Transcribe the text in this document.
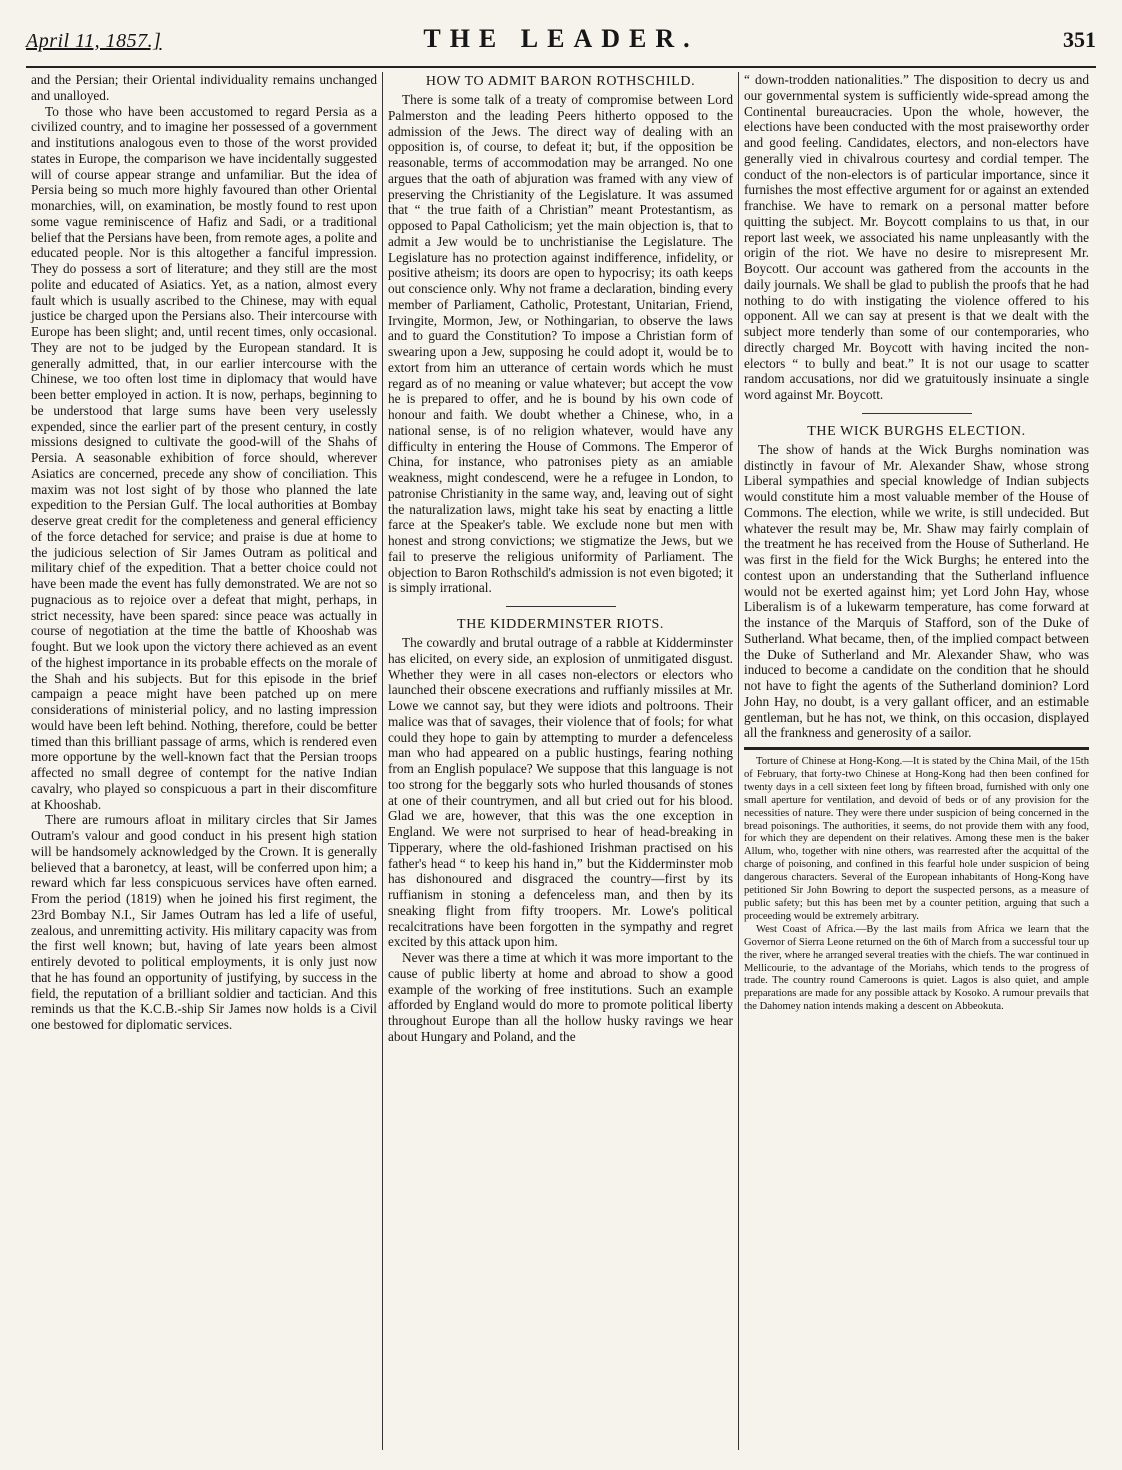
April 11, 1857.]	THE LEADER.	351

and the Persian; their Oriental individuality remains unchanged and unalloyed.

To those who have been accustomed to regard Persia as a civilized country, and to imagine her possessed of a government and institutions analogous even to those of the worst provided states in Europe, the comparison we have incidentally suggested will of course appear strange and unfamiliar. But the idea of Persia being so much more highly favoured than other Oriental monarchies, will, on examination, be mostly found to rest upon some vague reminiscence of Hafiz and Sadi, or a traditional belief that the Persians have been, from remote ages, a polite and educated people. Nor is this altogether a fanciful impression. They do possess a sort of literature; and they still are the most polite and educated of Asiatics. Yet, as a nation, almost every fault which is usually ascribed to the Chinese, may with equal justice be charged upon the Persians also. Their intercourse with Europe has been slight; and, until recent times, only occasional. They are not to be judged by the European standard. It is generally admitted, that, in our earlier intercourse with the Chinese, we too often lost time in diplomacy that would have been better employed in action. It is now, perhaps, beginning to be understood that large sums have been very uselessly expended, since the earlier part of the present century, in costly missions designed to cultivate the good-will of the Shahs of Persia. A seasonable exhibition of force should, wherever Asiatics are concerned, precede any show of conciliation. This maxim was not lost sight of by those who planned the late expedition to the Persian Gulf. The local authorities at Bombay deserve great credit for the completeness and general efficiency of the force detached for service; and praise is due at home to the judicious selection of Sir James Outram as political and military chief of the expedition. That a better choice could not have been made the event has fully demonstrated. We are not so pugnacious as to rejoice over a defeat that might, perhaps, in strict necessity, have been spared: since peace was actually in course of negotiation at the time the battle of Khooshab was fought. But we look upon the victory there achieved as an event of the highest importance in its probable effects on the morale of the Shah and his subjects. But for this episode in the brief campaign a peace might have been patched up on mere considerations of ministerial policy, and no lasting impression would have been left behind. Nothing, therefore, could be better timed than this brilliant passage of arms, which is rendered even more opportune by the well-known fact that the Persian troops affected no small degree of contempt for the native Indian cavalry, who played so conspicuous a part in their discomfiture at Khooshab.

There are rumours afloat in military circles that Sir James Outram's valour and good conduct in his present high station will be handsomely acknowledged by the Crown. It is generally believed that a baronetcy, at least, will be conferred upon him; a reward which far less conspicuous services have often earned. From the period (1819) when he joined his first regiment, the 23rd Bombay N.I., Sir James Outram has led a life of useful, zealous, and unremitting activity. His military capacity was from the first well known; but, having of late years been almost entirely devoted to political employments, it is only just now that he has found an opportunity of justifying, by success in the field, the reputation of a brilliant soldier and tactician. And this reminds us that the K.C.B.-ship Sir James now holds is a Civil one bestowed for diplomatic services.

HOW TO ADMIT BARON ROTHSCHILD.

There is some talk of a treaty of compromise between Lord Palmerston and the leading Peers hitherto opposed to the admission of the Jews. The direct way of dealing with an opposition is, of course, to defeat it; but, if the opposition be reasonable, terms of accommodation may be arranged. No one argues that the oath of abjuration was framed with any view of preserving the Christianity of the Legislature. It was assumed that “ the true faith of a Christian” meant Protestantism, as opposed to Papal Catholicism; yet the main objection is, that to admit a Jew would be to unchristianise the Legislature. The Legislature has no protection against indifference, infidelity, or positive atheism; its doors are open to hypocrisy; its oath keeps out conscience only. Why not frame a declaration, binding every member of Parliament, Catholic, Protestant, Unitarian, Friend, Irvingite, Mormon, Jew, or Nothingarian, to observe the laws and to guard the Constitution? To impose a Christian form of swearing upon a Jew, supposing he could adopt it, would be to extort from him an utterance of certain words which he must regard as of no meaning or value whatever; but accept the vow he is prepared to offer, and he is bound by his own code of honour and faith. We doubt whether a Chinese, who, in a national sense, is of no religion whatever, would have any difficulty in entering the House of Commons. The Emperor of China, for instance, who patronises piety as an amiable weakness, might condescend, were he a refugee in London, to patronise Christianity in the same way, and, leaving out of sight the naturalization laws, might take his seat by enacting a little farce at the Speaker's table. We exclude none but men with honest and strong convictions; we stigmatize the Jews, but we fail to preserve the religious uniformity of Parliament. The objection to Baron Rothschild's admission is not even bigoted; it is simply irrational.

THE KIDDERMINSTER RIOTS.

The cowardly and brutal outrage of a rabble at Kidderminster has elicited, on every side, an explosion of unmitigated disgust. Whether they were in all cases non-electors or electors who launched their obscene execrations and ruffianly missiles at Mr. Lowe we cannot say, but they were idiots and poltroons. Their malice was that of savages, their violence that of fools; for what could they hope to gain by attempting to murder a defenceless man who had appeared on a public hustings, fearing nothing from an English populace? We suppose that this language is not too strong for the beggarly sots who hurled thousands of stones at one of their countrymen, and all but cried out for his blood. Glad we are, however, that this was the one exception in England. We were not surprised to hear of head-breaking in Tipperary, where the old-fashioned Irishman practised on his father's head “ to keep his hand in,” but the Kidderminster mob has dishonoured and disgraced the country—first by its ruffianism in stoning a defenceless man, and then by its sneaking flight from fifty troopers. Mr. Lowe's political recalcitrations have been forgotten in the sympathy and regret excited by this attack upon him.

Never was there a time at which it was more important to the cause of public liberty at home and abroad to show a good example of the working of free institutions. Such an example afforded by England would do more to promote political liberty throughout Europe than all the hollow husky ravings we hear about Hungary and Poland, and the

“ down-trodden nationalities.” The disposition to decry us and our governmental system is sufficiently wide-spread among the Continental bureaucracies. Upon the whole, however, the elections have been conducted with the most praiseworthy order and good feeling. Candidates, electors, and non-electors have generally vied in chivalrous courtesy and cordial temper. The conduct of the non-electors is of particular importance, since it furnishes the most effective argument for or against an extended franchise. We have to remark on a personal matter before quitting the subject. Mr. Boycott complains to us that, in our report last week, we associated his name unpleasantly with the origin of the riot. We have no desire to misrepresent Mr. Boycott. Our account was gathered from the accounts in the daily journals. We shall be glad to publish the proofs that he had nothing to do with instigating the violence offered to his opponent. All we can say at present is that we dealt with the subject more tenderly than some of our contemporaries, who directly charged Mr. Boycott with having incited the non-electors “ to bully and beat.” It is not our usage to scatter random accusations, nor did we gratuitously insinuate a single word against Mr. Boycott.

THE WICK BURGHS ELECTION.

The show of hands at the Wick Burghs nomination was distinctly in favour of Mr. Alexander Shaw, whose strong Liberal sympathies and special knowledge of Indian subjects would constitute him a most valuable member of the House of Commons. The election, while we write, is still undecided. But whatever the result may be, Mr. Shaw may fairly complain of the treatment he has received from the House of Sutherland. He was first in the field for the Wick Burghs; he entered into the contest upon an understanding that the Sutherland influence would not be exerted against him; yet Lord John Hay, whose Liberalism is of a lukewarm temperature, has come forward at the instance of the Marquis of Stafford, son of the Duke of Sutherland. What became, then, of the implied compact between the Duke of Sutherland and Mr. Alexander Shaw, who was induced to become a candidate on the condition that he should not have to fight the agents of the Sutherland dominion? Lord John Hay, no doubt, is a very gallant officer, and an estimable gentleman, but he has not, we think, on this occasion, displayed all the frankness and generosity of a sailor.

Torture of Chinese at Hong-Kong.—It is stated by the China Mail, of the 15th of February, that forty-two Chinese at Hong-Kong had then been confined for twenty days in a cell sixteen feet long by fifteen broad, furnished with only one small aperture for ventilation, and devoid of beds or of any provision for the necessities of nature. They were there under suspicion of being concerned in the bread poisonings. The authorities, it seems, do not provide them with any food, for which they are dependent on their relatives. Among these men is the baker Allum, who, together with nine others, was rearrested after the acquittal of the charge of poisoning, and confined in this fearful hole under suspicion of being dangerous characters. Several of the European inhabitants of Hong-Kong have petitioned Sir John Bowring to deport the suspected persons, as a measure of public safety; but this has been met by a counter petition, arguing that such a proceeding would be extremely arbitrary.

West Coast of Africa.—By the last mails from Africa we learn that the Governor of Sierra Leone returned on the 6th of March from a successful tour up the river, where he arranged several treaties with the chiefs. The war continued in Mellicourie, to the advantage of the Moriahs, which tends to the progress of trade. The country round Cameroons is quiet. Lagos is also quiet, and ample preparations are made for any possible attack by Kosoko. A rumour prevails that the Dahomey nation intends making a descent on Abbeokuta.
